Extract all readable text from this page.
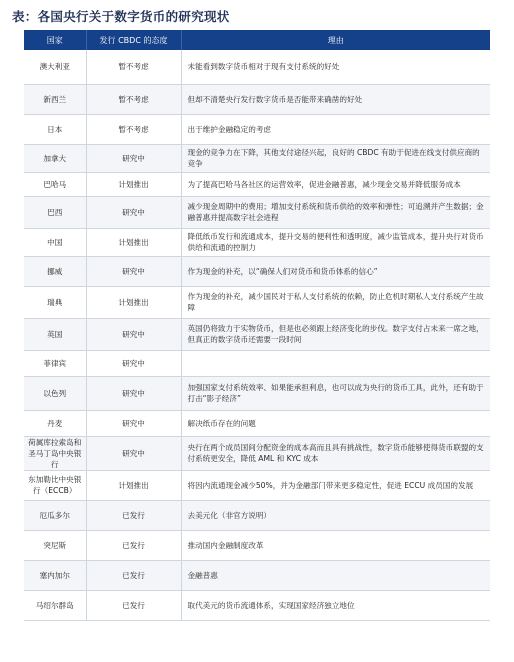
表：各国央行关于数字货币的研究现状
国家	发行 CBDC 的态度	理由
澳大利亚	暂不考虑	未能看到数字货币相对于现有支付系统的好处
新西兰	暂不考虑	但却不清楚央行发行数字货币是否能带来确凿的好处
日本	暂不考虑	出于维护金融稳定的考虑
加拿大	研究中	现金的竞争力在下降，其他支付途径兴起，良好的 CBDC 有助于促进在线支付供应商的竞争
巴哈马	计划推出	为了提高巴哈马各社区的运营效率，促进金融普惠，减少现金交易并降低服务成本
巴西	研究中	减少现金周期中的费用；增加支付系统和货币供给的效率和弹性；可追溯并产生数据；金融普惠并提高数字社会进程
中国	计划推出	降低纸币发行和流通成本，提升交易的便利性和透明度，减少监管成本，提升央行对货币供给和流通的控制力
挪威	研究中	作为现金的补充，以“确保人们对货币和货币体系的信心”
瑞典	计划推出	作为现金的补充，减少国民对于私人支付系统的依赖，防止危机时期私人支付系统产生故障
英国	研究中	英国仍将致力于实物货币，但是也必须跟上经济变化的步伐。数字支付占未来一席之地，但真正的数字货币还需要一段时间
菲律宾	研究中	
以色列	研究中	加强国家支付系统效率、如果能承担利息，也可以成为央行的货币工具，此外，还有助于打击“影子经济”
丹麦	研究中	解决纸币存在的问题
荷属库拉索岛和圣马丁岛中央银行	研究中	央行在两个成员国间分配资金的成本高而且具有挑战性，数字货币能够使得货币联盟的支付系统更安全，降低 AML 和 KYC 成本
东加勒比中央银行（ECCB）	计划推出	将因内流通现金减少50%，并为金融部门带来更多稳定性，促进 ECCU 成员国的发展
厄瓜多尔	已发行	去美元化（非官方说明）
突尼斯	已发行	推动国内金融制度改革
塞内加尔	已发行	金融普惠
马绍尔群岛	已发行	取代美元的货币流通体系，实现国家经济独立地位
